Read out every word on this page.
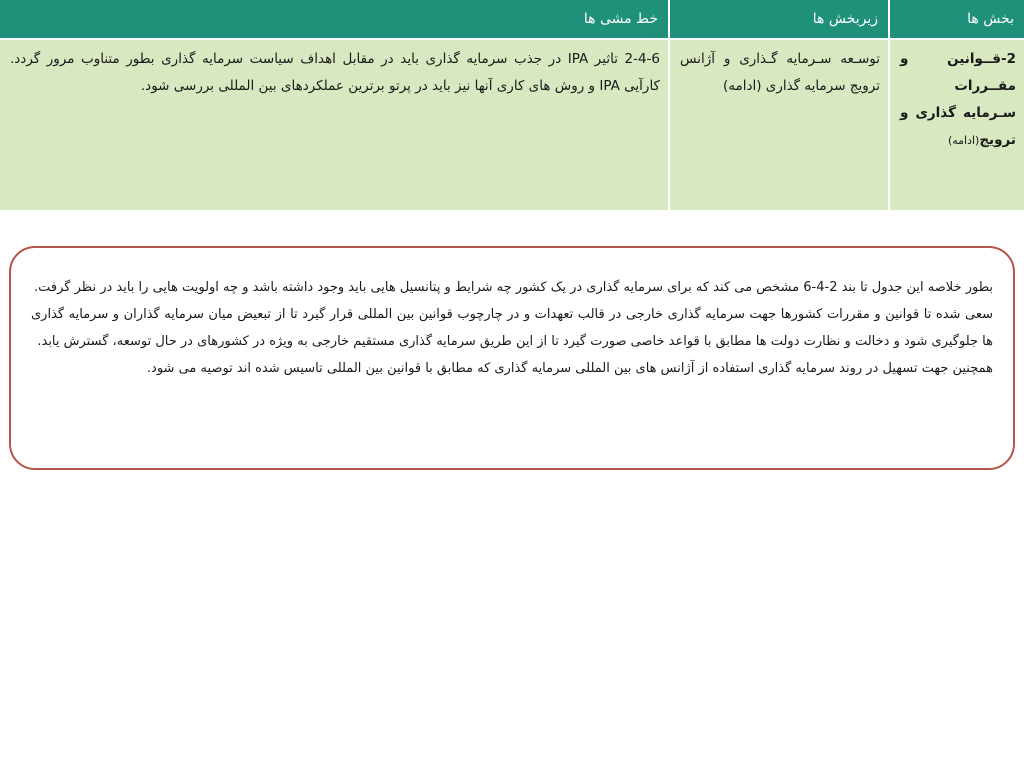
بخش ها	زیربخش ها	خط مشی ها
2-قــوانین و مقــررات سـرمایه گذاری و ترویج(ادامه)	توسـعه سـرمایه گـذاری و آژانس ترویج سرمایه گذاری (ادامه)	2-4-6 تاثیر IPA در جذب سرمایه گذاری باید در مقابل اهداف سیاست سرمایه گذاری بطور متناوب مرور گردد. کارآیی IPA و روش های کاری آنها نیز باید در پرتو برترین عملکردهای بین المللی بررسی شود.

بطور خلاصه این جدول تا بند 2-4-6 مشخص می کند که برای سرمایه گذاری در یک کشور چه شرایط و پتانسیل هایی باید وجود داشته باشد و چه اولویت هایی را باید در نظر گرفت.

سعی شده تا قوانین و مقررات کشورها جهت سرمایه گذاری خارجی در قالب تعهدات و در چارچوب قوانین بین المللی قرار گیرد تا از تبعیض میان سرمایه گذاران و سرمایه گذاری ها جلوگیری شود و دخالت و نظارت دولت ها مطابق با قواعد خاصی صورت گیرد تا از این طریق سرمایه گذاری مستقیم خارجی به ویژه در کشورهای در حال توسعه، گسترش یابد.

همچنین جهت تسهیل در روند سرمایه گذاری استفاده از آژانس های بین المللی سرمایه گذاری که مطابق با قوانین بین المللی تاسیس شده اند توصیه می شود.
